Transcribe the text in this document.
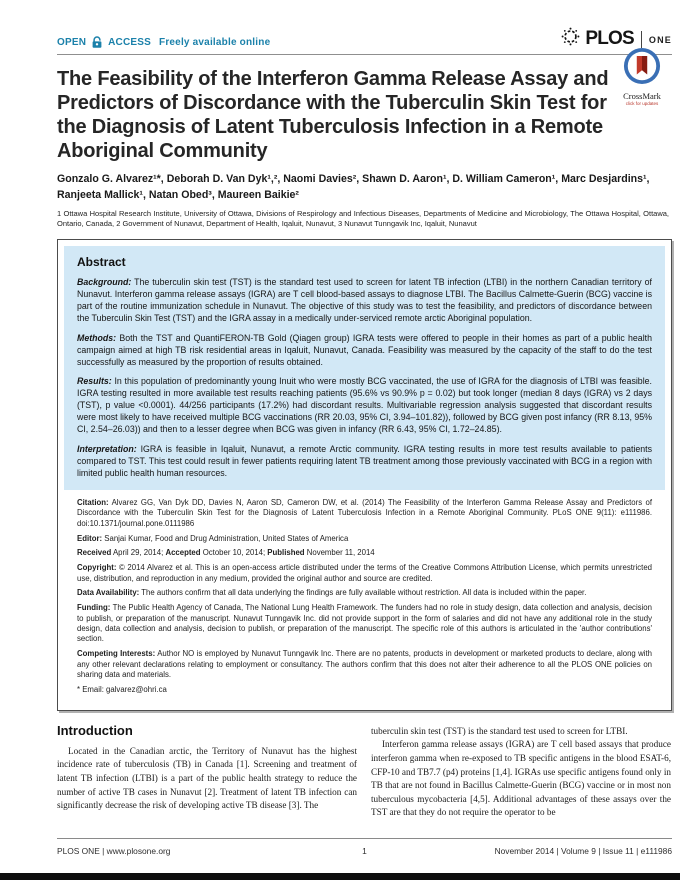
OPEN ACCESS Freely available online	PLOS ONE
The Feasibility of the Interferon Gamma Release Assay and Predictors of Discordance with the Tuberculin Skin Test for the Diagnosis of Latent Tuberculosis Infection in a Remote Aboriginal Community
CrossMark
click for updates

Gonzalo G. Alvarez¹*, Deborah D. Van Dyk¹,², Naomi Davies², Shawn D. Aaron¹, D. William Cameron¹, Marc Desjardins¹, Ranjeeta Mallick¹, Natan Obed³, Maureen Baikie²

1 Ottawa Hospital Research Institute, University of Ottawa, Divisions of Respirology and Infectious Diseases, Departments of Medicine and Microbiology, The Ottawa Hospital, Ottawa, Ontario, Canada, 2 Government of Nunavut, Department of Health, Iqaluit, Nunavut, 3 Nunavut Tunngavik Inc, Iqaluit, Nunavut

Abstract

Background: The tuberculin skin test (TST) is the standard test used to screen for latent TB infection (LTBI) in the northern Canadian territory of Nunavut. Interferon gamma release assays (IGRA) are T cell blood-based assays to diagnose LTBI. The Bacillus Calmette-Guerin (BCG) vaccine is part of the routine immunization schedule in Nunavut. The objective of this study was to test the feasibility, and predictors of discordance between the Tuberculin Skin Test (TST) and the IGRA assay in a medically under-serviced remote arctic Aboriginal population.

Methods: Both the TST and QuantiFERON-TB Gold (Qiagen group) IGRA tests were offered to people in their homes as part of a public health campaign aimed at high TB risk residential areas in Iqaluit, Nunavut, Canada. Feasibility was measured by the capacity of the staff to do the test successfully as measured by the proportion of results obtained.

Results: In this population of predominantly young Inuit who were mostly BCG vaccinated, the use of IGRA for the diagnosis of LTBI was feasible. IGRA testing resulted in more available test results reaching patients (95.6% vs 90.9% p = 0.02) but took longer (median 8 days (IGRA) vs 2 days (TST), p value <0.0001). 44/256 participants (17.2%) had discordant results. Multivariable regression analysis suggested that discordant results were most likely to have received multiple BCG vaccinations (RR 20.03, 95% CI, 3.94–101.82)), followed by BCG given post infancy (RR 8.13, 95% CI, 2.54–26.03)) and then to a lesser degree when BCG was given in infancy (RR 6.43, 95% CI, 1.72–24.85).

Interpretation: IGRA is feasible in Iqaluit, Nunavut, a remote Arctic community. IGRA testing results in more test results available to patients compared to TST. This test could result in fewer patients requiring latent TB treatment among those previously vaccinated with BCG in a region with limited public health human resources.

Citation: Alvarez GG, Van Dyk DD, Davies N, Aaron SD, Cameron DW, et al. (2014) The Feasibility of the Interferon Gamma Release Assay and Predictors of Discordance with the Tuberculin Skin Test for the Diagnosis of Latent Tuberculosis Infection in a Remote Aboriginal Community. PLoS ONE 9(11): e111986. doi:10.1371/journal.pone.0111986

Editor: Sanjai Kumar, Food and Drug Administration, United States of America

Received April 29, 2014; Accepted October 10, 2014; Published November 11, 2014

Copyright: © 2014 Alvarez et al. This is an open-access article distributed under the terms of the Creative Commons Attribution License, which permits unrestricted use, distribution, and reproduction in any medium, provided the original author and source are credited.

Data Availability: The authors confirm that all data underlying the findings are fully available without restriction. All data is included within the paper.

Funding: The Public Health Agency of Canada, The National Lung Health Framework. The funders had no role in study design, data collection and analysis, decision to publish, or preparation of the manuscript. Nunavut Tunngavik Inc. did not provide support in the form of salaries and did not have any additional role in the study design, data collection and analysis, decision to publish, or preparation of the manuscript. The specific role of this authors is articulated in the 'author contributions' section.

Competing Interests: Author NO is employed by Nunavut Tunngavik Inc. There are no patents, products in development or marketed products to declare, along with any other relevant declarations relating to employment or consultancy. The authors confirm that this does not alter their adherence to all the PLOS ONE policies on sharing data and materials.

* Email: galvarez@ohri.ca

Introduction

Located in the Canadian arctic, the Territory of Nunavut has the highest incidence rate of tuberculosis (TB) in Canada [1]. Screening and treatment of latent TB infection (LTBI) is a part of the public health strategy to reduce the number of active TB cases in Nunavut [2]. Treatment of latent TB infection can significantly decrease the risk of developing active TB disease [3]. The

tuberculin skin test (TST) is the standard test used to screen for LTBI.

Interferon gamma release assays (IGRA) are T cell based assays that produce interferon gamma when re-exposed to TB specific antigens in the blood ESAT-6, CFP-10 and TB7.7 (p4) proteins [1,4]. IGRAs use specific antigens found only in TB that are not found in Bacillus Calmette-Guerin (BCG) vaccine or in most non tuberculous mycobacteria [4,5]. Additional advantages of these assays over the TST are that they do not require the operator to be

PLOS ONE | www.plosone.org	1	November 2014 | Volume 9 | Issue 11 | e111986
